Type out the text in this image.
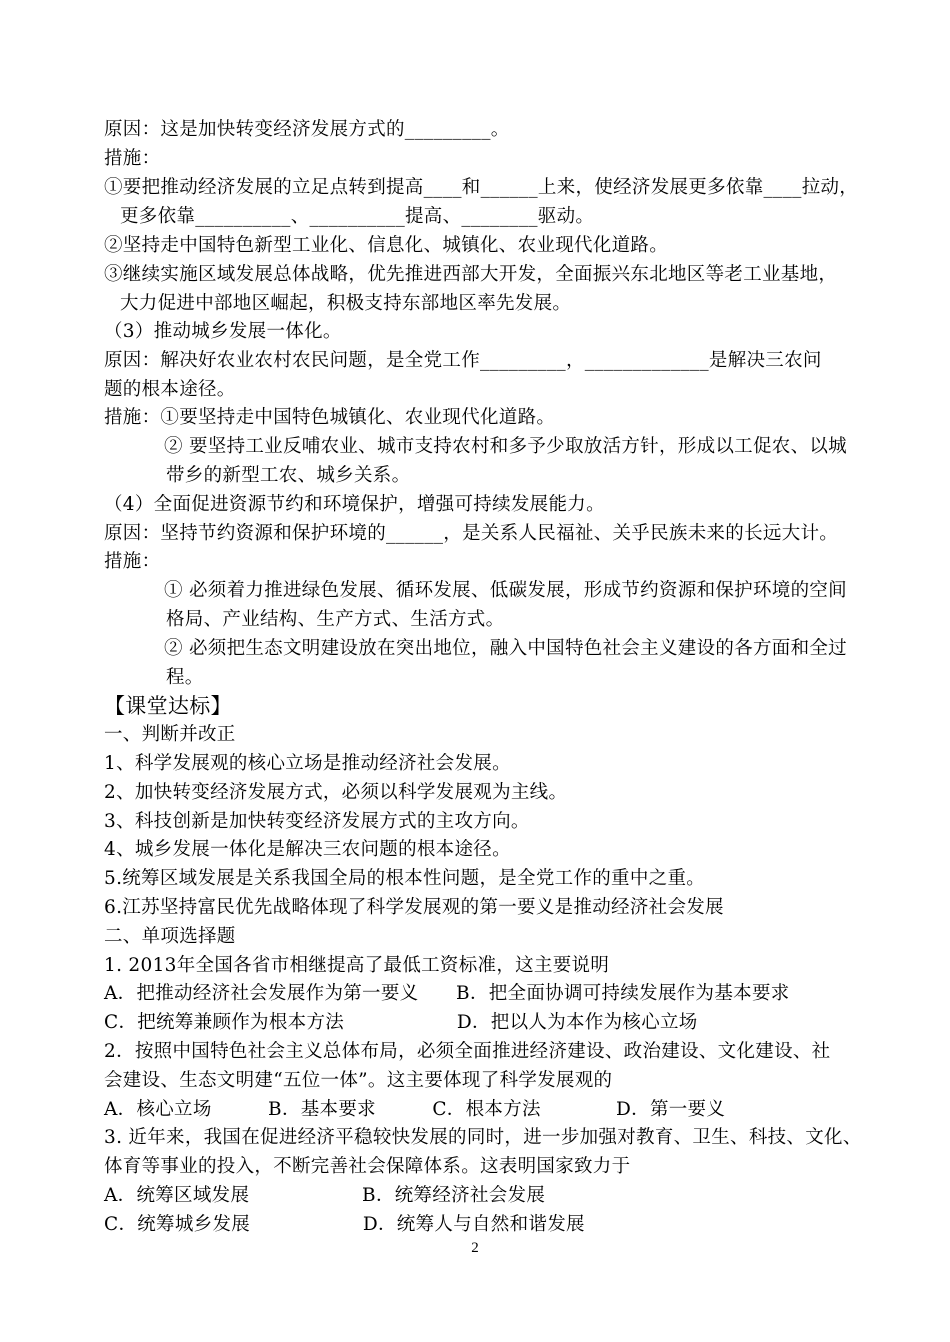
原因：这是加快转变经济发展方式的_________。
措施：
①要把推动经济发展的立足点转到提高____和______上来，使经济发展更多依靠____拉动，
更多依靠__________、__________提高、________驱动。
②坚持走中国特色新型工业化、信息化、城镇化、农业现代化道路。
③继续实施区域发展总体战略，优先推进西部大开发，全面振兴东北地区等老工业基地，
大力促进中部地区崛起，积极支持东部地区率先发展。
（3）推动城乡发展一体化。
原因：解决好农业农村农民问题，是全党工作_________，_____________是解决三农问
题的根本途径。
措施：①要坚持走中国特色城镇化、农业现代化道路。
② 要坚持工业反哺农业、城市支持农村和多予少取放活方针，形成以工促农、以城
带乡的新型工农、城乡关系。
（4）全面促进资源节约和环境保护，增强可持续发展能力。
原因：坚持节约资源和保护环境的______，是关系人民福祉、关乎民族未来的长远大计。
措施：
① 必须着力推进绿色发展、循环发展、低碳发展，形成节约资源和保护环境的空间
格局、产业结构、生产方式、生活方式。
② 必须把生态文明建设放在突出地位，融入中国特色社会主义建设的各方面和全过
程。
【课堂达标】
一、判断并改正
1、科学发展观的核心立场是推动经济社会发展。
2、加快转变经济发展方式，必须以科学发展观为主线。
3、科技创新是加快转变经济发展方式的主攻方向。
4、城乡发展一体化是解决三农问题的根本途径。
5.统筹区域发展是关系我国全局的根本性问题，是全党工作的重中之重。
6.江苏坚持富民优先战略体现了科学发展观的第一要义是推动经济社会发展
二、单项选择题
1. 2013年全国各省市相继提高了最低工资标准，这主要说明
A．把推动经济社会发展作为第一要义　　B．把全面协调可持续发展作为基本要求
C．把统筹兼顾作为根本方法　　　　　　D．把以人为本作为核心立场
2．按照中国特色社会主义总体布局，必须全面推进经济建设、政治建设、文化建设、社
会建设、生态文明建“五位一体”。这主要体现了科学发展观的
A．核心立场　　　B．基本要求　　　C．根本方法　　　　D．第一要义
3. 近年来，我国在促进经济平稳较快发展的同时，进一步加强对教育、卫生、科技、文化、
体育等事业的投入，不断完善社会保障体系。这表明国家致力于
A．统筹区域发展　　　　　　B．统筹经济社会发展
C．统筹城乡发展　　　　　　D．统筹人与自然和谐发展
2
